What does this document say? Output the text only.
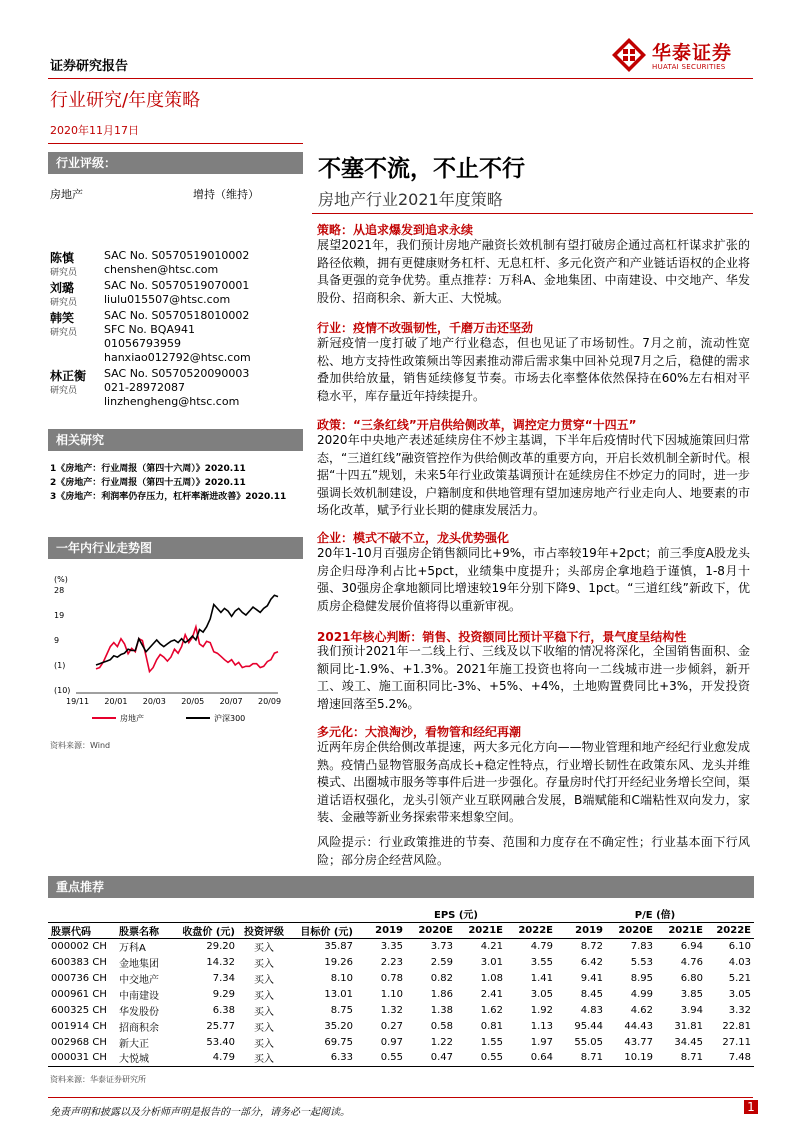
证券研究报告
华泰证券
HUATAI SECURITIES
行业研究/年度策略
2020年11月17日
行业评级：
房地产	增持（维持）
陈慎
研究员
SAC No. S0570519010002
chenshen@htsc.com
刘璐
研究员
SAC No. S0570519070001
liulu015507@htsc.com
韩笑
研究员
SAC No. S0570518010002
SFC No. BQA941
01056793959
hanxiao012792@htsc.com
林正衡
研究员
SAC No. S0570520090003
021-28972087
linzhengheng@htsc.com
相关研究
1《房地产：行业周报（第四十六周）》2020.11
2《房地产：行业周报（第四十五周）》2020.11
3《房地产：利润率仍存压力，杠杆率渐进改善》2020.11
一年内行业走势图
(%)
28
19
9
(1)
(10)
19/11 20/01 20/03 20/05 20/07 20/09
房地产	沪深300
资料来源：Wind
不塞不流，不止不行
房地产行业2021年度策略
策略：从追求爆发到追求永续
展望2021年，我们预计房地产融资长效机制有望打破房企通过高杠杆谋求扩张的路径依赖，拥有更健康财务杠杆、无息杠杆、多元化资产和产业链话语权的企业将具备更强的竞争优势。重点推荐：万科A、金地集团、中南建设、中交地产、华发股份、招商积余、新大正、大悦城。
行业：疫情不改强韧性，千磨万击还坚劲
新冠疫情一度打破了地产行业稳态，但也见证了市场韧性。7月之前，流动性宽松、地方支持性政策频出等因素推动滞后需求集中回补兑现7月之后，稳健的需求叠加供给放量，销售延续修复节奏。市场去化率整体依然保持在60%左右相对平稳水平，库存量近年持续提升。
政策：“三条红线”开启供给侧改革，调控定力贯穿“十四五”
2020年中央地产表述延续房住不炒主基调，下半年后疫情时代下因城施策回归常态，“三道红线”融资管控作为供给侧改革的重要方向，开启长效机制全新时代。根据“十四五”规划，未来5年行业政策基调预计在延续房住不炒定力的同时，进一步强调长效机制建设，户籍制度和供地管理有望加速房地产行业走向人、地要素的市场化改革，赋予行业长期的健康发展活力。
企业：模式不破不立，龙头优势强化
20年1-10月百强房企销售额同比+9%，市占率较19年+2pct；前三季度A股龙头房企归母净利占比+5pct，业绩集中度提升；头部房企拿地趋于谨慎，1-8月十强、30强房企拿地额同比增速较19年分别下降9、1pct。“三道红线”新政下，优质房企稳健发展价值将得以重新审视。
2021年核心判断：销售、投资额同比预计平稳下行，景气度呈结构性
我们预计2021年一二线上行、三线及以下收缩的情况将深化，全国销售面积、金额同比-1.9%、+1.3%。2021年施工投资也将向一二线城市进一步倾斜，新开工、竣工、施工面积同比-3%、+5%、+4%，土地购置费同比+3%，开发投资增速回落至5.2%。
多元化：大浪淘沙，看物管和经纪再潮
近两年房企供给侧改革提速，两大多元化方向——物业管理和地产经纪行业愈发成熟。疫情凸显物管服务高成长+稳定性特点，行业增长韧性在政策东风、龙头并维模式、出圈城市服务等事件后进一步强化。存量房时代打开经纪业务增长空间，渠道话语权强化，龙头引领产业互联网融合发展，B端赋能和C端粘性双向发力，家装、金融等新业务探索带来想象空间。
风险提示：行业政策推进的节奏、范围和力度存在不确定性；行业基本面下行风险；部分房企经营风险。
重点推荐
					EPS (元)				P/E (倍)			
股票代码	股票名称	收盘价 (元)	投资评级	目标价 (元)	2019	2020E	2021E	2022E	2019	2020E	2021E	2022E
000002 CH	万科A	29.20	买入	35.87	3.35	3.73	4.21	4.79	8.72	7.83	6.94	6.10
600383 CH	金地集团	14.32	买入	19.26	2.23	2.59	3.01	3.55	6.42	5.53	4.76	4.03
000736 CH	中交地产	7.34	买入	8.10	0.78	0.82	1.08	1.41	9.41	8.95	6.80	5.21
000961 CH	中南建设	9.29	买入	13.01	1.10	1.86	2.41	3.05	8.45	4.99	3.85	3.05
600325 CH	华发股份	6.38	买入	8.75	1.32	1.38	1.62	1.92	4.83	4.62	3.94	3.32
001914 CH	招商积余	25.77	买入	35.20	0.27	0.58	0.81	1.13	95.44	44.43	31.81	22.81
002968 CH	新大正	53.40	买入	69.75	0.97	1.22	1.55	1.97	55.05	43.77	34.45	27.11
000031 CH	大悦城	4.79	买入	6.33	0.55	0.47	0.55	0.64	8.71	10.19	8.71	7.48
资料来源：华泰证券研究所
免责声明和披露以及分析师声明是报告的一部分，请务必一起阅读。	1
